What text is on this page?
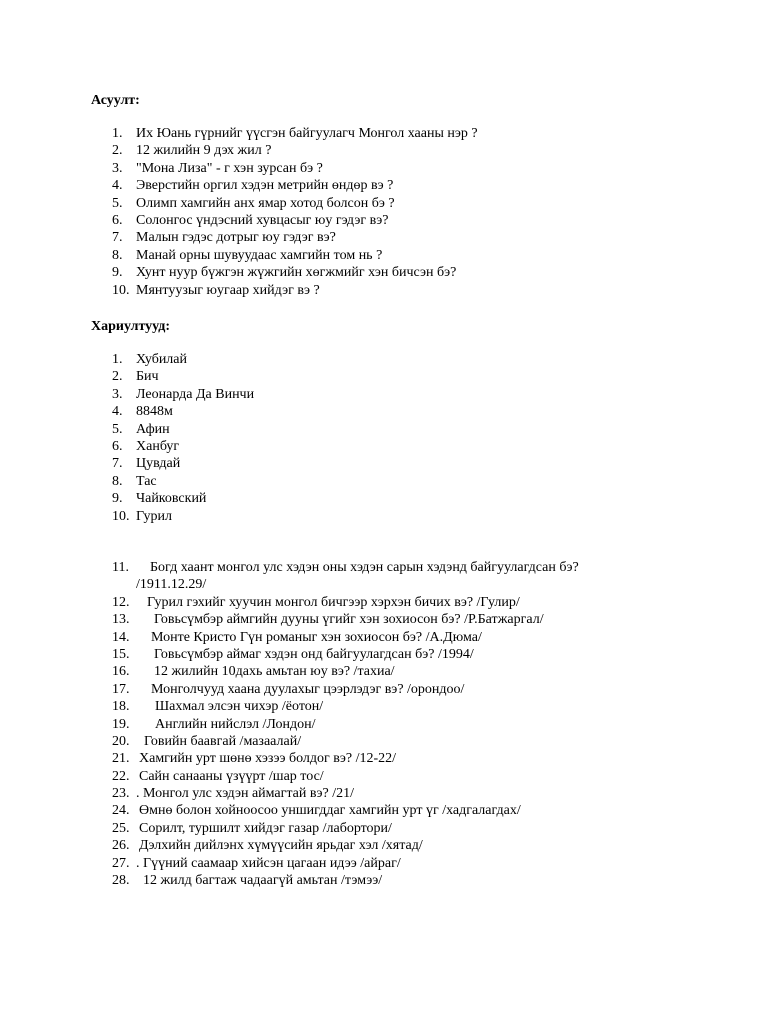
Асуулт:

1. Их Юань гүрнийг үүсгэн байгуулагч Монгол хааны нэр ?
2. 12 жилийн 9 дэх жил ?
3. "Мона Лиза" - г хэн зурсан бэ ?
4. Эверстийн оргил хэдэн метрийн өндөр вэ ?
5. Олимп хамгийн анх ямар хотод болсон бэ ?
6. Солонгос үндэсний хувцасыг юу гэдэг вэ?
7. Малын гэдэс дотрыг юу гэдэг вэ?
8. Манай орны шувуудаас хамгийн том нь ?
9. Хунт нуур бүжгэн жүжгийн хөгжмийг хэн бичсэн бэ?
10. Мянтуузыг юугаар хийдэг вэ ?

Хариултууд:

1. Хубилай
2. Бич
3. Леонарда Да Винчи
4. 8848м
5. Афин
6. Ханбуг
7. Цувдай
8. Тас
9. Чайковский
10. Гурил
11.	Богд хаант монгол улс хэдэн оны хэдэн сарын хэдэнд байгуулагдсан бэ?
/1911.12.29/
12.	Гурил гэхийг хуучин монгол бичгээр хэрхэн бичих вэ? /Гулир/
13.	Говьсүмбэр аймгийн дууны үгийг хэн зохиосон бэ? /Р.Батжаргал/
14.	Монте Кристо Гүн романыг хэн зохиосон бэ? /А.Дюма/
15.	Говьсүмбэр аймаг хэдэн онд байгуулагдсан бэ? /1994/
16.	12 жилийн 10дахь амьтан юу вэ? /тахиа/
17.	Монголчууд хаана дуулахыг цээрлэдэг вэ? /орондоо/
18.	Шахмал элсэн чихэр /ёотон/
19.	Английн нийслэл /Лондон/
20.	Говийн баавгай /мазаалай/
21. Хамгийн урт шөнө хэзээ болдог вэ? /12-22/
22. Сайн санааны үзүүрт /шар тос/
23. . Монгол улс хэдэн аймагтай вэ? /21/
24. Өмнө болон хойноосоо уншигддаг хамгийн урт үг /хадгалагдах/
25. Сорилт, туршилт хийдэг газар /лабортори/
26. Дэлхийн дийлэнх хүмүүсийн ярьдаг хэл /хятад/
27. . Гүүний саамаар хийсэн цагаан идээ /айраг/
28. 12 жилд багтаж чадаагүй амьтан /тэмээ/
